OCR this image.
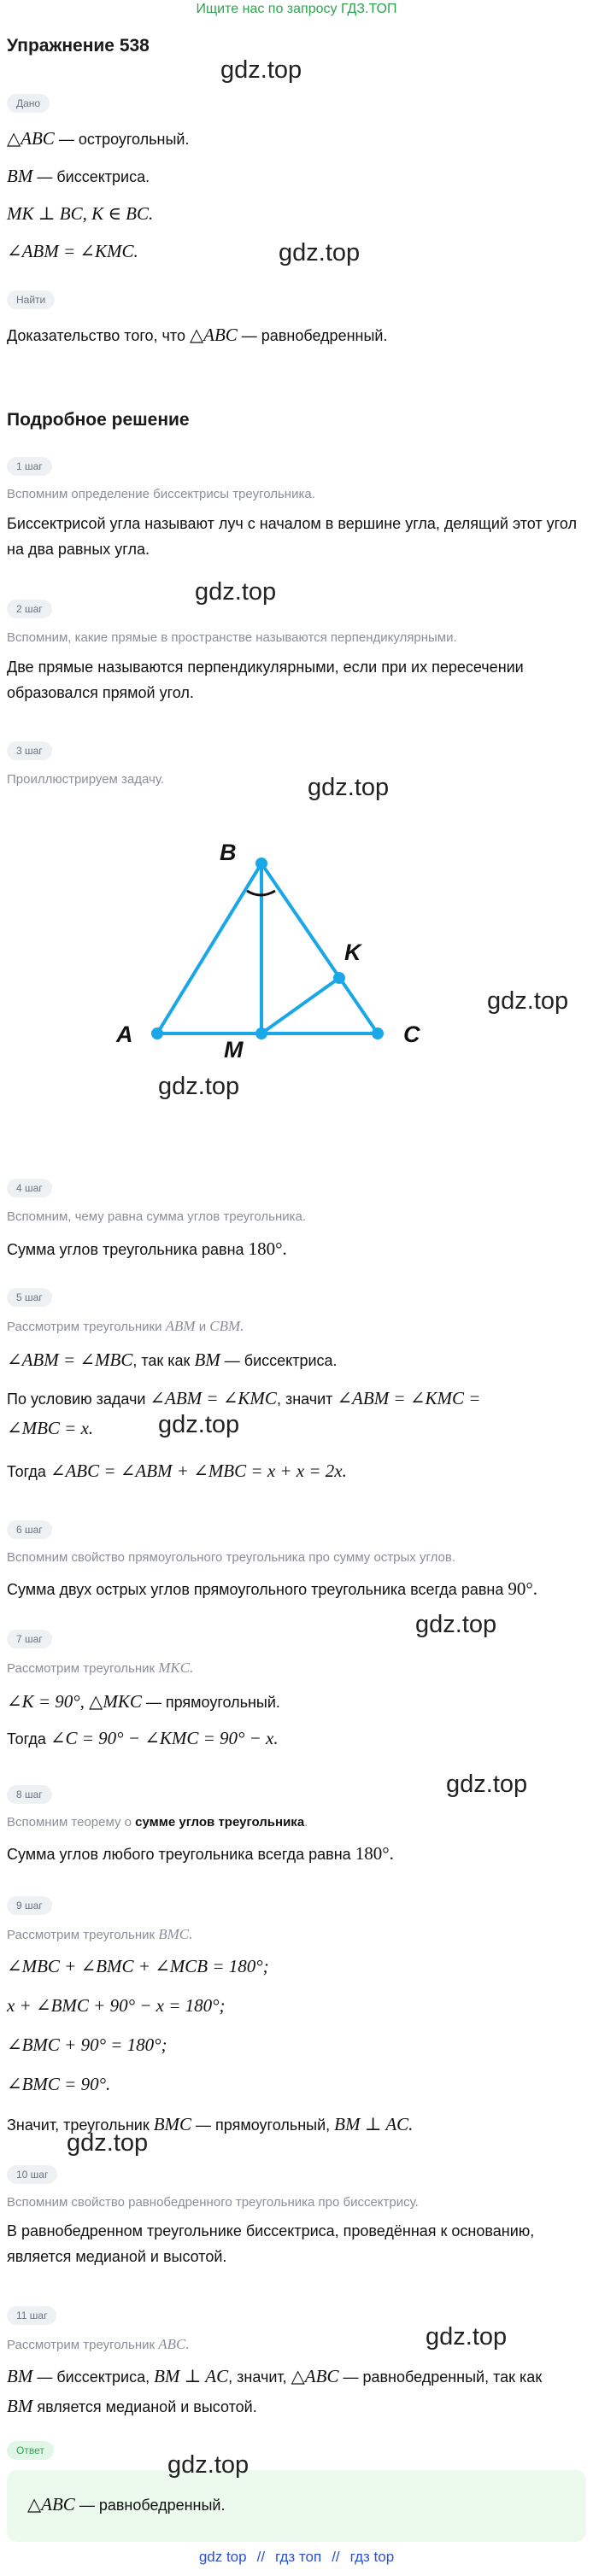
Ищите нас по запросу ГДЗ.ТОП
Упражнение 538
gdz.top
Дано
△ABC — остроугольный.
BM — биссектриса.
MK ⊥ BC, K ∈ BC.
∠ABM = ∠KMC.	gdz.top
Найти
Доказательство того, что △ABC — равнобедренный.
Подробное решение
1 шаг
Вспомним определение биссектрисы треугольника.
Биссектрисой угла называют луч с началом в вершине угла, делящий этот угол на два равных угла.
gdz.top
2 шаг
Вспомним, какие прямые в пространстве называются перпендикулярными.
Две прямые называются перпендикулярными, если при их пересечении образовался прямой угол.
3 шаг
Проиллюстрируем задачу.	gdz.top
B
A	C
M
K
gdz.top
gdz.top
4 шаг
Вспомним, чему равна сумма углов треугольника.
Сумма углов треугольника равна 180°.
5 шаг
Рассмотрим треугольники ABM и CBM.
∠ABM = ∠MBC, так как BM — биссектриса.
По условию задачи ∠ABM = ∠KMC, значит ∠ABM = ∠KMC =
∠MBC = x.	gdz.top
Тогда ∠ABC = ∠ABM + ∠MBC = x + x = 2x.
6 шаг
Вспомним свойство прямоугольного треугольника про сумму острых углов.
Сумма двух острых углов прямоугольного треугольника всегда равна 90°.
gdz.top
7 шаг
Рассмотрим треугольник MKC.
∠K = 90°, △MKC — прямоугольный.
Тогда ∠C = 90° − ∠KMC = 90° − x.
gdz.top
8 шаг
Вспомним теорему о сумме углов треугольника.
Сумма углов любого треугольника всегда равна 180°.
9 шаг
Рассмотрим треугольник BMC.
∠MBC + ∠BMC + ∠MCB = 180°;
x + ∠BMC + 90° − x = 180°;
∠BMC + 90° = 180°;
∠BMC = 90°.
Значит, треугольник BMC — прямоугольный, BM ⊥ AC.
gdz.top
10 шаг
Вспомним свойство равнобедренного треугольника про биссектрису.
В равнобедренном треугольнике биссектриса, проведённая к основанию, является медианой и высотой.
11 шаг
gdz.top
Рассмотрим треугольник ABC.
BM — биссектриса, BM ⊥ AC, значит, △ABC — равнобедренный, так как
BM является медианой и высотой.
Ответ
△ABC — равнобедренный.
gdz.top
gdz top // гдз топ // гдз top
